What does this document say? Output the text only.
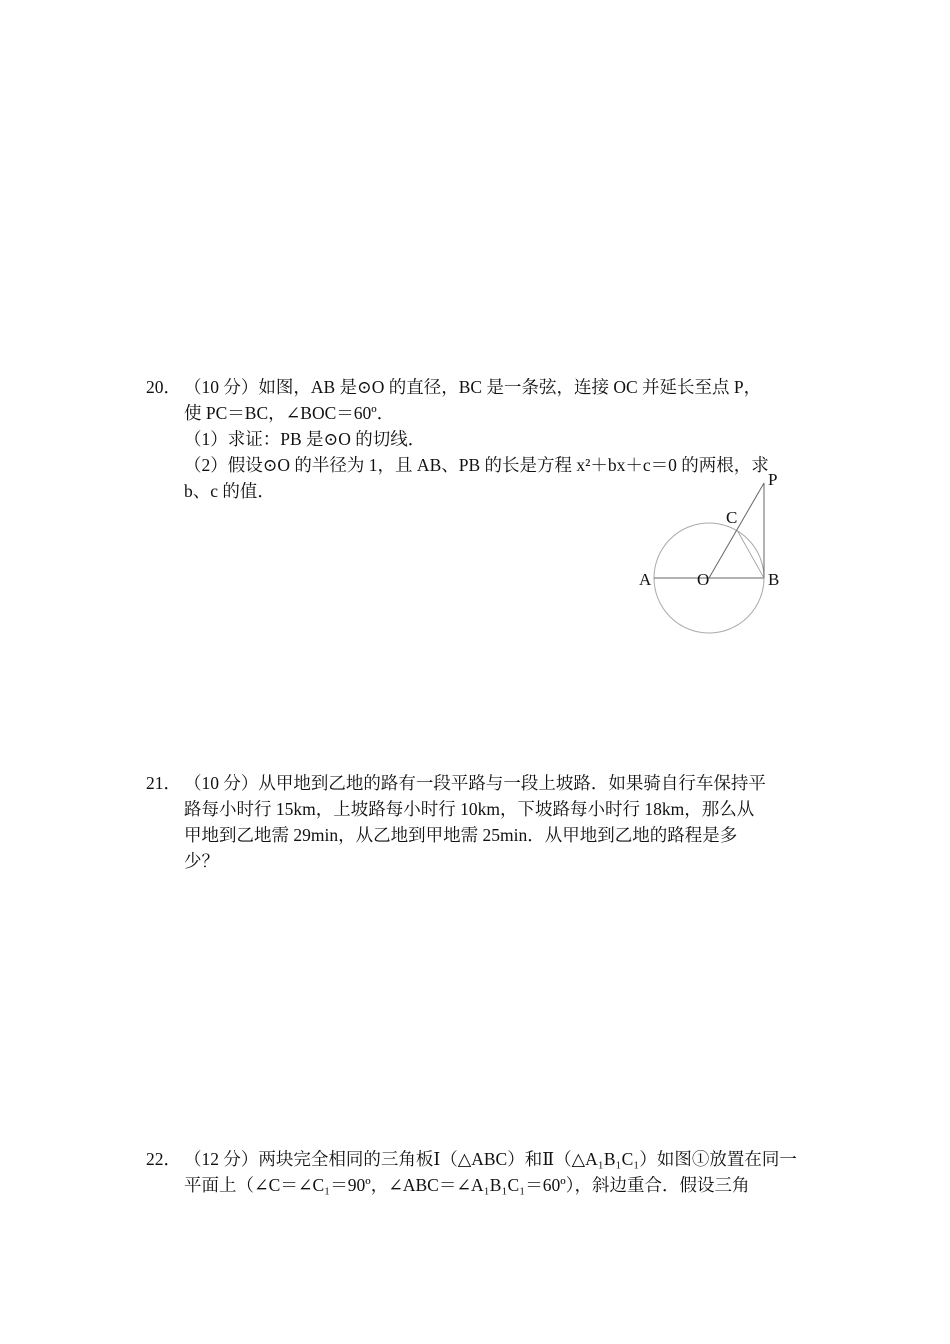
20． （10 分）如图，AB 是⊙O 的直径，BC 是一条弦，连接 OC 并延长至点 P，
使 PC＝BC，∠BOC＝60º．
（1）求证：PB 是⊙O 的切线．
（2）假设⊙O 的半径为 1，且 AB、PB 的长是方程 x²＋bx＋c＝0 的两根，求
b、c 的值．
P
C
A	O	B
21． （10 分）从甲地到乙地的路有一段平路与一段上坡路．如果骑自行车保持平
路每小时行 15km，上坡路每小时行 10km，下坡路每小时行 18km，那么从
甲地到乙地需 29min，从乙地到甲地需 25min．从甲地到乙地的路程是多
少？
22． （12 分）两块完全相同的三角板Ⅰ（△ABC）和Ⅱ（△A₁B₁C₁）如图①放置在同一
平面上（∠C＝∠C₁＝90º，∠ABC＝∠A₁B₁C₁＝60º），斜边重合．假设三角
